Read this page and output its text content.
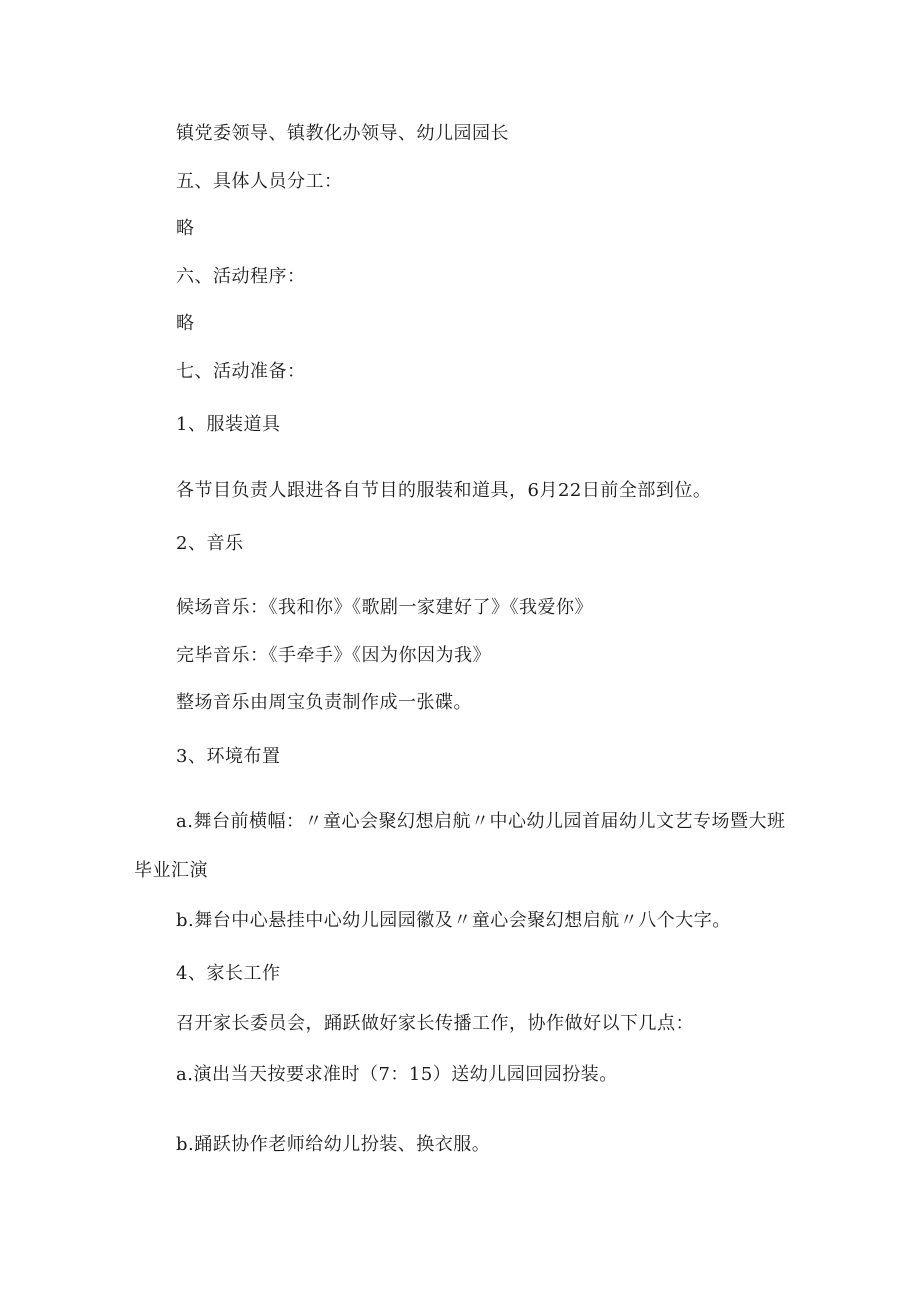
镇党委领导、镇教化办领导、幼儿园园长
五、具体人员分工：
略
六、活动程序：
略
七、活动准备：
1、服装道具
各节目负责人跟进各自节目的服装和道具，6月22日前全部到位。
2、音乐
候场音乐：《我和你》《歌剧一家建好了》《我爱你》
完毕音乐：《手牵手》《因为你因为我》
整场音乐由周宝负责制作成一张碟。
3、环境布置
a.舞台前横幅：〃童心会聚幻想启航〃中心幼儿园首届幼儿文艺专场暨大班
毕业汇演
b.舞台中心悬挂中心幼儿园园徽及〃童心会聚幻想启航〃八个大字。
4、家长工作
召开家长委员会，踊跃做好家长传播工作，协作做好以下几点：
a.演出当天按要求准时（7：15）送幼儿园回园扮装。
b.踊跃协作老师给幼儿扮装、换衣服。
